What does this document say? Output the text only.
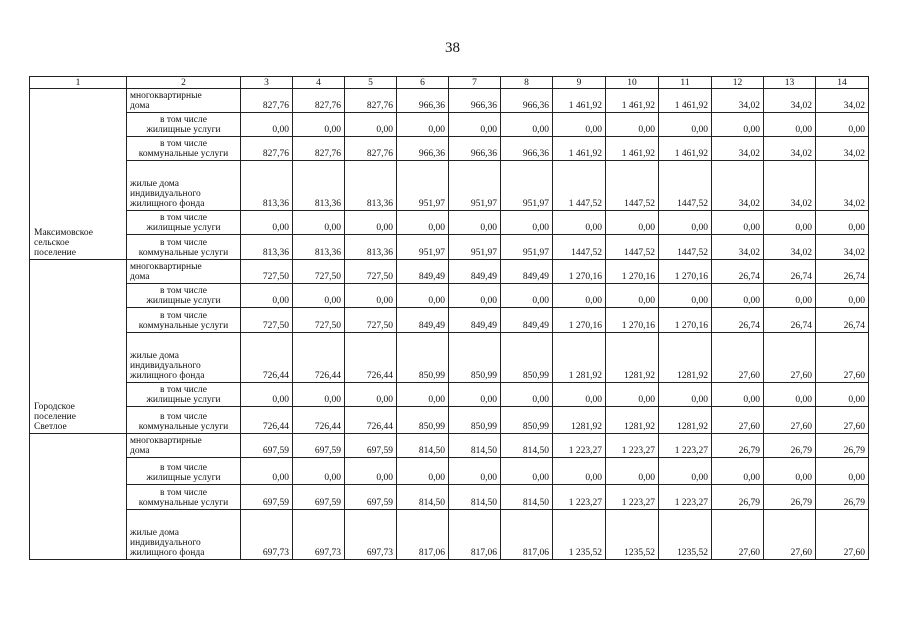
38
1	2	3	4	5	6	7	8	9	10	11	12	13	14
Максимовское
сельское
поселение	многоквартирные
дома	827,76	827,76	827,76	966,36	966,36	966,36	1 461,92	1 461,92	1 461,92	34,02	34,02	34,02
	в том числе
жилищные услуги	0,00	0,00	0,00	0,00	0,00	0,00	0,00	0,00	0,00	0,00	0,00	0,00
	в том числе
коммунальные услуги	827,76	827,76	827,76	966,36	966,36	966,36	1 461,92	1 461,92	1 461,92	34,02	34,02	34,02
	жилые дома
индивидуального
жилищного фонда	813,36	813,36	813,36	951,97	951,97	951,97	1 447,52	1447,52	1447,52	34,02	34,02	34,02
	в том числе
жилищные услуги	0,00	0,00	0,00	0,00	0,00	0,00	0,00	0,00	0,00	0,00	0,00	0,00
	в том числе
коммунальные услуги	813,36	813,36	813,36	951,97	951,97	951,97	1447,52	1447,52	1447,52	34,02	34,02	34,02
Городское
поселение
Светлое	многоквартирные
дома	727,50	727,50	727,50	849,49	849,49	849,49	1 270,16	1 270,16	1 270,16	26,74	26,74	26,74
	в том числе
жилищные услуги	0,00	0,00	0,00	0,00	0,00	0,00	0,00	0,00	0,00	0,00	0,00	0,00
	в том числе
коммунальные услуги	727,50	727,50	727,50	849,49	849,49	849,49	1 270,16	1 270,16	1 270,16	26,74	26,74	26,74
	жилые дома
индивидуального
жилищного фонда	726,44	726,44	726,44	850,99	850,99	850,99	1 281,92	1281,92	1281,92	27,60	27,60	27,60
	в том числе
жилищные услуги	0,00	0,00	0,00	0,00	0,00	0,00	0,00	0,00	0,00	0,00	0,00	0,00
	в том числе
коммунальные услуги	726,44	726,44	726,44	850,99	850,99	850,99	1281,92	1281,92	1281,92	27,60	27,60	27,60
	многоквартирные
дома	697,59	697,59	697,59	814,50	814,50	814,50	1 223,27	1 223,27	1 223,27	26,79	26,79	26,79
	в том числе
жилищные услуги	0,00	0,00	0,00	0,00	0,00	0,00	0,00	0,00	0,00	0,00	0,00	0,00
	в том числе
коммунальные услуги	697,59	697,59	697,59	814,50	814,50	814,50	1 223,27	1 223,27	1 223,27	26,79	26,79	26,79
	жилые дома
индивидуального
жилищного фонда	697,73	697,73	697,73	817,06	817,06	817,06	1 235,52	1235,52	1235,52	27,60	27,60	27,60
